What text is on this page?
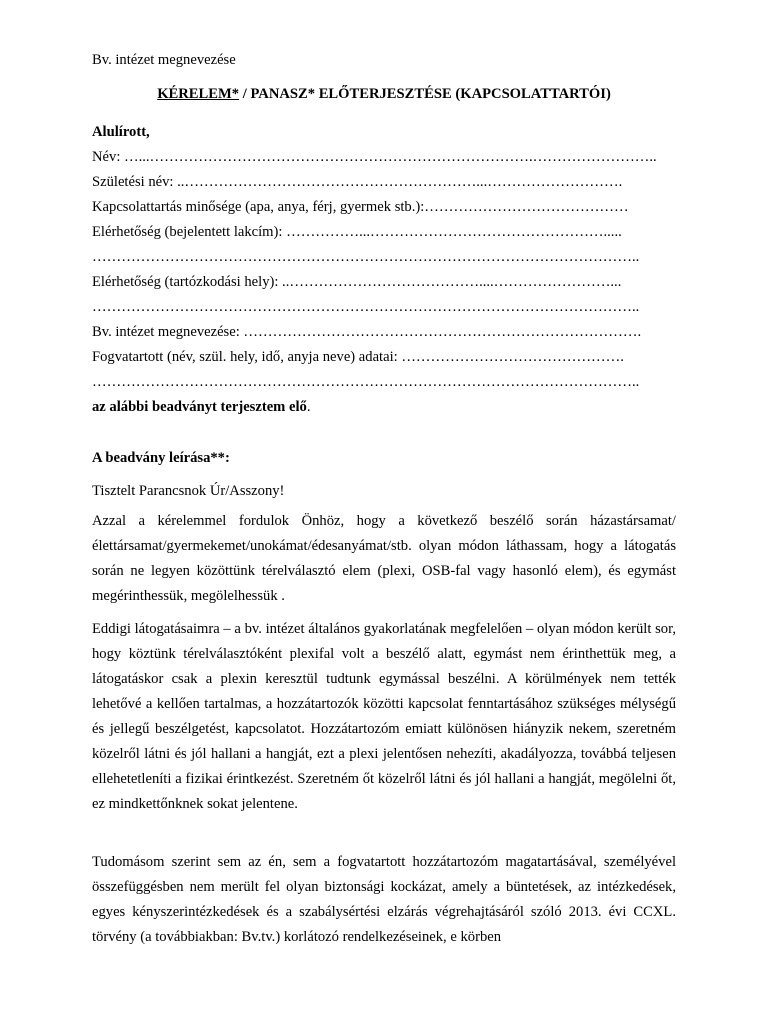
Bv. intézet megnevezése
KÉRELEM* / PANASZ* ELŐTERJESZTÉSE (KAPCSOLATTARTÓI)
Alulírott,
Név: …...…………………………………………………………………….……………………..
Születési név: ..……………………………………………………...……………………….
Kapcsolattartás minősége (apa, anya, férj, gyermek stb.):……………………………………
Elérhetőség (bejelentett lakcím): ……………...………………………………………….....
…………………………………………………………………………………………………..
Elérhetőség (tartózkodási hely): ..…………………………………....……………………...
…………………………………………………………………………………………………..
Bv. intézet megnevezése: ……………………………………………………………………….
Fogvatartott (név, szül. hely, idő, anyja neve) adatai: ……………………………………….
…………………………………………………………………………………………………..
az alábbi beadványt terjesztem elő.
A beadvány leírása**:
Tisztelt Parancsnok Úr/Asszony!

Azzal a kérelemmel fordulok Önhöz, hogy a következő beszélő során házastársamat/élettársamat/gyermekemet/unokámat/édesanyámat/stb. olyan módon láthassam, hogy a látogatás során ne legyen közöttünk térelválasztó elem (plexi, OSB-fal vagy hasonló elem), és egymást megérinthessük, megölelhessük .

Eddigi látogatásaimra – a bv. intézet általános gyakorlatának megfelelően – olyan módon került sor, hogy köztünk térelválasztóként plexifal volt a beszélő alatt, egymást nem érinthettük meg, a látogatáskor csak a plexin keresztül tudtunk egymással beszélni. A körülmények nem tették lehetővé a kellően tartalmas, a hozzátartozók közötti kapcsolat fenntartásához szükséges mélységű és jellegű beszélgetést, kapcsolatot. Hozzátartozóm emiatt különösen hiányzik nekem, szeretném közelről látni és jól hallani a hangját, ezt a plexi jelentősen nehezíti, akadályozza, továbbá teljesen ellehetetleníti a fizikai érintkezést. Szeretném őt közelről látni és jól hallani a hangját, megölelni őt, ez mindkettőnknek sokat jelentene.

Tudomásom szerint sem az én, sem a fogvatartott hozzátartozóm magatartásával, személyével összefüggésben nem merült fel olyan biztonsági kockázat, amely a büntetések, az intézkedések, egyes kényszerintézkedések és a szabálysértési elzárás végrehajtásáról szóló 2013. évi CCXL. törvény (a továbbiakban: Bv.tv.) korlátozó rendelkezéseinek, e körben
